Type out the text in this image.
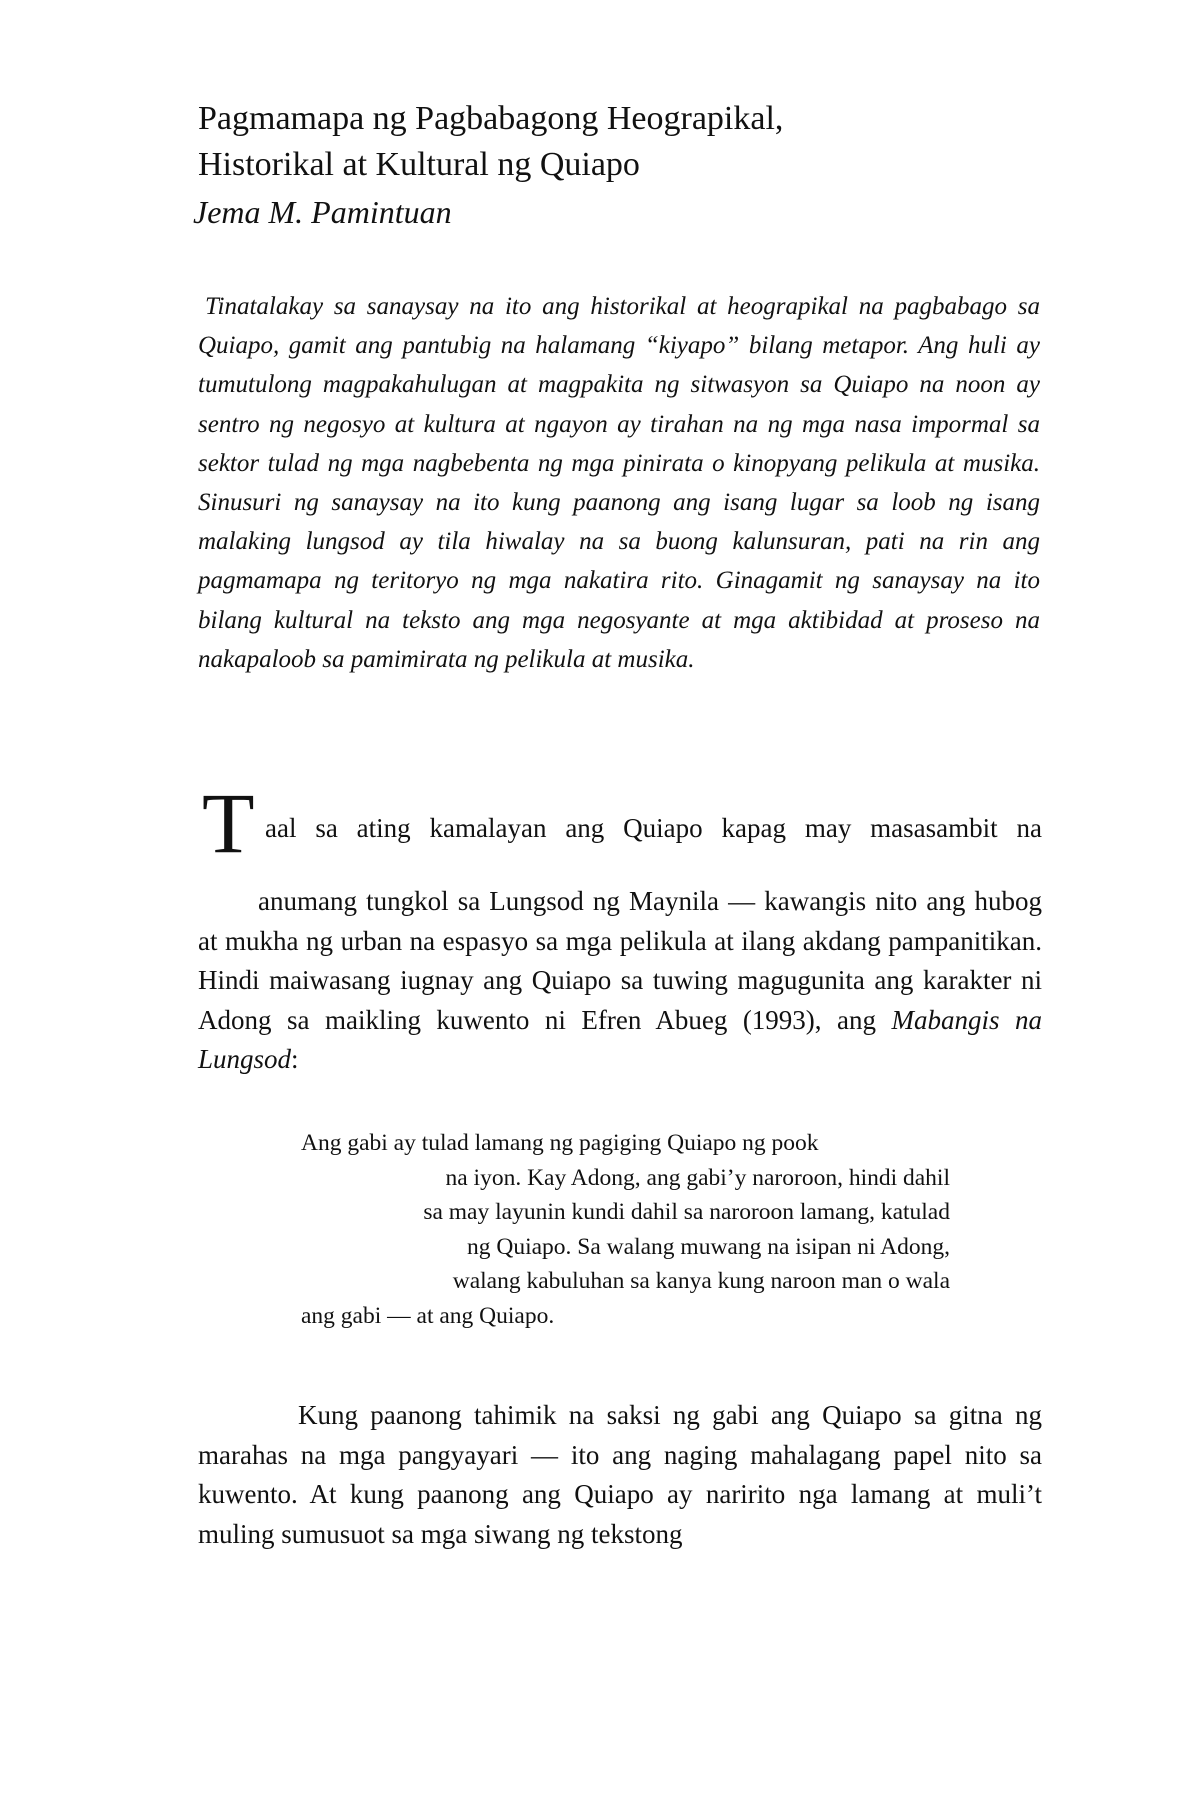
Pagmamapa ng Pagbabagong Heograpikal,
Historikal at Kultural ng Quiapo
Jema M. Pamintuan

Tinatalakay sa sanaysay na ito ang historikal at heograpikal na pagbabago sa Quiapo, gamit ang pantubig na halamang “kiyapo” bilang metapor. Ang huli ay tumutulong magpakahulugan at magpakita ng sitwasyon sa Quiapo na noon ay sentro ng negosyo at kultura at ngayon ay tirahan na ng mga nasa impormal sa sektor tulad ng mga nagbebenta ng mga pinirata o kinopyang pelikula at musika. Sinusuri ng sanaysay na ito kung paanong ang isang lugar sa loob ng isang malaking lungsod ay tila hiwalay na sa buong kalunsuran, pati na rin ang pagmamapa ng teritoryo ng mga nakatira rito. Ginagamit ng sanaysay na ito bilang kultural na teksto ang mga negosyante at mga aktibidad at proseso na nakapaloob sa pamimirata ng pelikula at musika.

T aal sa ating kamalayan ang Quiapo kapag may masasambit na

anumang tungkol sa Lungsod ng Maynila — kawangis nito ang hubog at mukha ng urban na espasyo sa mga pelikula at ilang akdang pampanitikan. Hindi maiwasang iugnay ang Quiapo sa tuwing magugunita ang karakter ni Adong sa maikling kuwento ni Efren Abueg (1993), ang Mabangis na Lungsod:

Ang gabi ay tulad lamang ng pagiging Quiapo ng pook
na iyon. Kay Adong, ang gabi’y naroroon, hindi dahil
sa may layunin kundi dahil sa naroroon lamang, katulad
ng Quiapo. Sa walang muwang na isipan ni Adong,
walang kabuluhan sa kanya kung naroon man o wala
ang gabi — at ang Quiapo.

Kung paanong tahimik na saksi ng gabi ang Quiapo sa gitna ng marahas na mga pangyayari — ito ang naging mahalagang papel nito sa kuwento. At kung paanong ang Quiapo ay naririto nga lamang at muli’t muling sumusuot sa mga siwang ng tekstong
